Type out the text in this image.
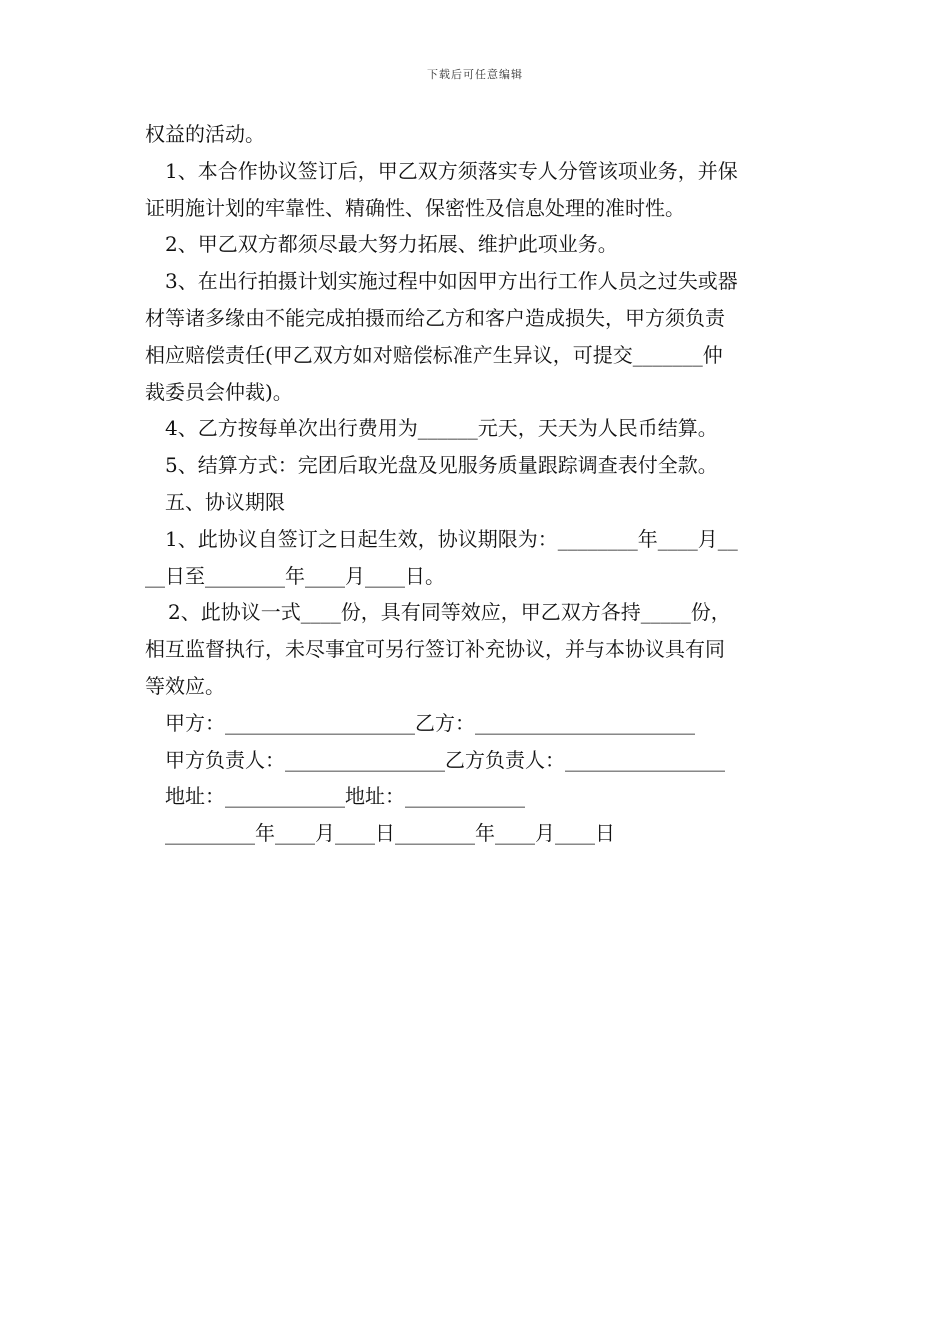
下载后可任意编辑
权益的活动。
1、本合作协议签订后，甲乙双方须落实专人分管该项业务，并保
证明施计划的牢靠性、精确性、保密性及信息处理的准时性。
2、甲乙双方都须尽最大努力拓展、维护此项业务。
3、在出行拍摄计划实施过程中如因甲方出行工作人员之过失或器
材等诸多缘由不能完成拍摄而给乙方和客户造成损失，甲方须负责
相应赔偿责任(甲乙双方如对赔偿标准产生异议，可提交_______仲
裁委员会仲裁)。
4、乙方按每单次出行费用为______元天，天天为人民币结算。
5、结算方式：完团后取光盘及见服务质量跟踪调查表付全款。
五、协议期限
1、此协议自签订之日起生效，协议期限为：________年____月__
__日至________年____月____日。
2、此协议一式____份，具有同等效应，甲乙双方各持_____份，
相互监督执行，未尽事宜可另行签订补充协议，并与本协议具有同
等效应。
甲方：___________________乙方：______________________
甲方负责人：________________乙方负责人：________________
地址：____________地址：____________
_________年____月____日________年____月____日
